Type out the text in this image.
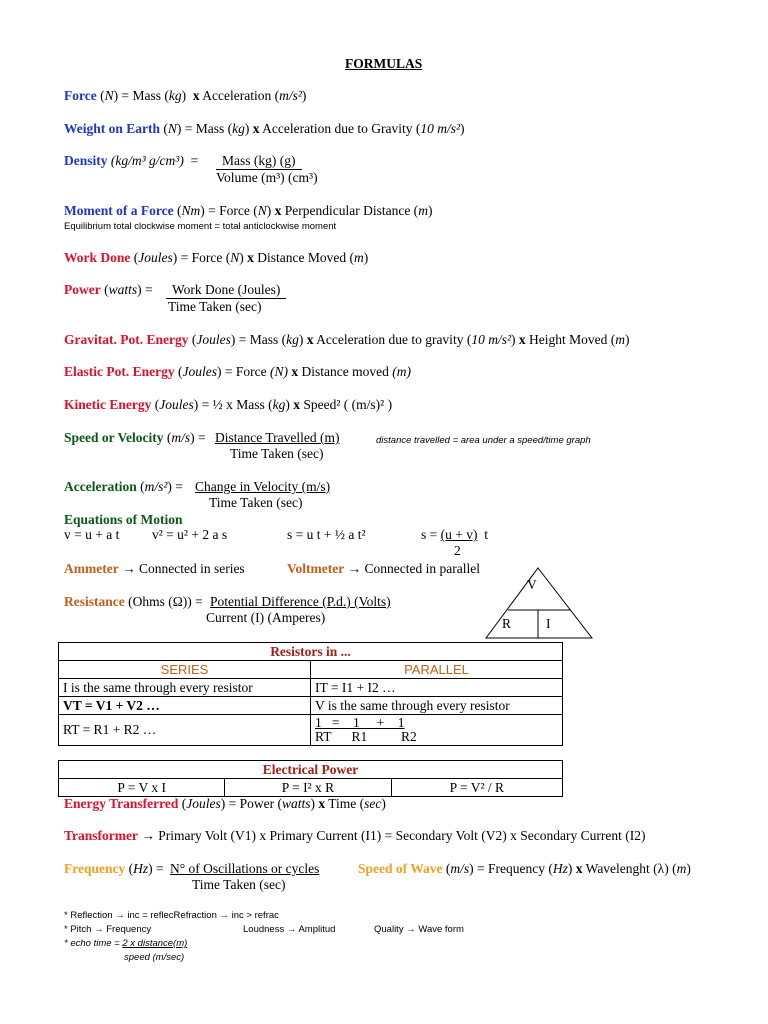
FORMULAS
Force (N) = Mass (kg)  x Acceleration (m/s²)
Weight on Earth (N) = Mass (kg) x Acceleration due to Gravity (10 m/s²)
Density (kg/m³ g/cm³) =	Mass (kg) (g)
Volume (m³) (cm³)
Moment of a Force (Nm) = Force (N) x Perpendicular Distance (m)
Equilibrium total clockwise moment = total anticlockwise moment
Work Done (Joules) = Force (N) x Distance Moved (m)
Power (watts) =	Work Done (Joules)
Time Taken (sec)
Gravitat. Pot. Energy (Joules) = Mass (kg) x Acceleration due to gravity (10 m/s²) x Height Moved (m)
Elastic Pot. Energy (Joules) = Force (N) x Distance moved (m)
Kinetic Energy (Joules) = ½ x Mass (kg) x Speed² ( (m/s)² )
Speed or Velocity (m/s) = Distance Travelled (m)
Time Taken (sec)
distance travelled = area under a speed/time graph
Acceleration (m/s²) = Change in Velocity (m/s)
Time Taken (sec)
Equations of Motion
v = u + a t v² = u² + 2 a s	s = u t + ½ a t²	s = (u + v) t
2
Ammeter → Connected in series	Voltmeter → Connected in parallel
Resistance (Ohms (Ω)) = Potential Difference (P.d.) (Volts)
Current (I) (Amperes)
V
R	I
Resistors in ...	
SERIES	PARALLEL
I is the same through every resistor	IT = I1 + I2 …
VT = V1 + V2 …	V is the same through every resistor
RT = R1 + R2 …	1   =    1     +    1
RT      R1          R2
Electrical Power
P = V x I	P = I² x R	P = V² / R
Energy Transferred (Joules) = Power (watts) x Time (sec)
Transformer → Primary Volt (V1) x Primary Current (I1) = Secondary Volt (V2) x Secondary Current (I2)
Frequency (Hz) = N° of Oscillations or cycles
Time Taken (sec)
Speed of Wave (m/s) = Frequency (Hz) x Wavelenght (λ) (m)
* Reflection → inc = reflecRefraction → inc > refrac
* Pitch → Frequency	Loudness → Amplitud	Quality → Wave form
* echo time = 2 x distance(m)
speed (m/sec)
